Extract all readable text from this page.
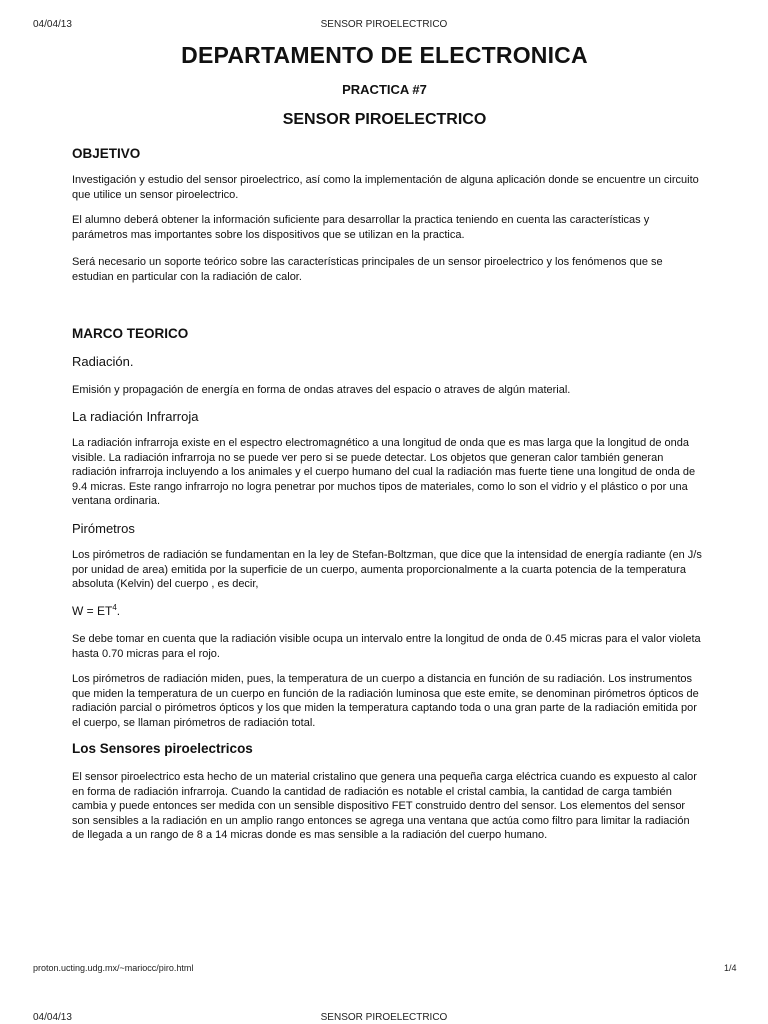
04/04/13	SENSOR PIROELECTRICO
DEPARTAMENTO DE ELECTRONICA
PRACTICA #7
SENSOR PIROELECTRICO
OBJETIVO
Investigación y estudio del sensor piroelectrico, así como la implementación de alguna aplicación donde se encuentre un circuito que utilice un sensor piroelectrico.
El alumno deberá obtener la información suficiente para desarrollar la practica teniendo en cuenta las características y parámetros mas importantes sobre los dispositivos que se utilizan en la practica.
Será necesario un soporte teórico sobre las características principales de un sensor piroelectrico y los fenómenos que se estudian en particular con la radiación de calor.
MARCO TEORICO
Radiación.
Emisión y propagación de energía en forma de ondas atraves del espacio o atraves de algún material.
La radiación Infrarroja
La radiación infrarroja existe en el espectro electromagnético a una longitud de onda que es mas larga que la longitud de onda visible. La radiación infrarroja no se puede ver pero si se puede detectar. Los objetos que generan calor también generan radiación infrarroja incluyendo a los animales y el cuerpo humano del cual la radiación mas fuerte tiene una longitud de onda de 9.4 micras. Este rango infrarrojo no logra penetrar por muchos tipos de materiales, como lo son el vidrio y el plástico o por una ventana ordinaria.
Pirómetros
Los pirómetros de radiación se fundamentan en la ley de Stefan-Boltzman, que dice que la intensidad de energía radiante (en J/s por unidad de area) emitida por la superficie de un cuerpo, aumenta proporcionalmente a la cuarta potencia de la temperatura absoluta (Kelvin) del cuerpo , es decir,
$W = ET^4$.
Se debe tomar en cuenta que la radiación visible ocupa un intervalo entre la longitud de onda de 0.45 micras para el valor violeta hasta 0.70 micras para el rojo.
Los pirómetros de radiación miden, pues, la temperatura de un cuerpo a distancia en función de su radiación. Los instrumentos que miden la temperatura de un cuerpo en función de la radiación luminosa que este emite, se denominan pirómetros ópticos de radiación parcial o pirómetros ópticos y los que miden la temperatura captando toda o una gran parte de la radiación emitida por el cuerpo, se llaman pirómetros de radiación total.
Los Sensores piroelectricos
El sensor piroelectrico esta hecho de un material cristalino que genera una pequeña carga eléctrica cuando es expuesto al calor en forma de radiación infrarroja. Cuando la cantidad de radiación es notable el cristal cambia, la cantidad de carga también cambia y puede entonces ser medida con un sensible dispositivo FET construido dentro del sensor. Los elementos del sensor son sensibles a la radiación en un amplio rango entonces se agrega una ventana que actúa como filtro para limitar la radiación de llegada a un rango de 8 a 14 micras donde es mas sensible a la radiación del cuerpo humano.
proton.ucting.udg.mx/~mariocc/piro.html	1/4
04/04/13	SENSOR PIROELECTRICO
